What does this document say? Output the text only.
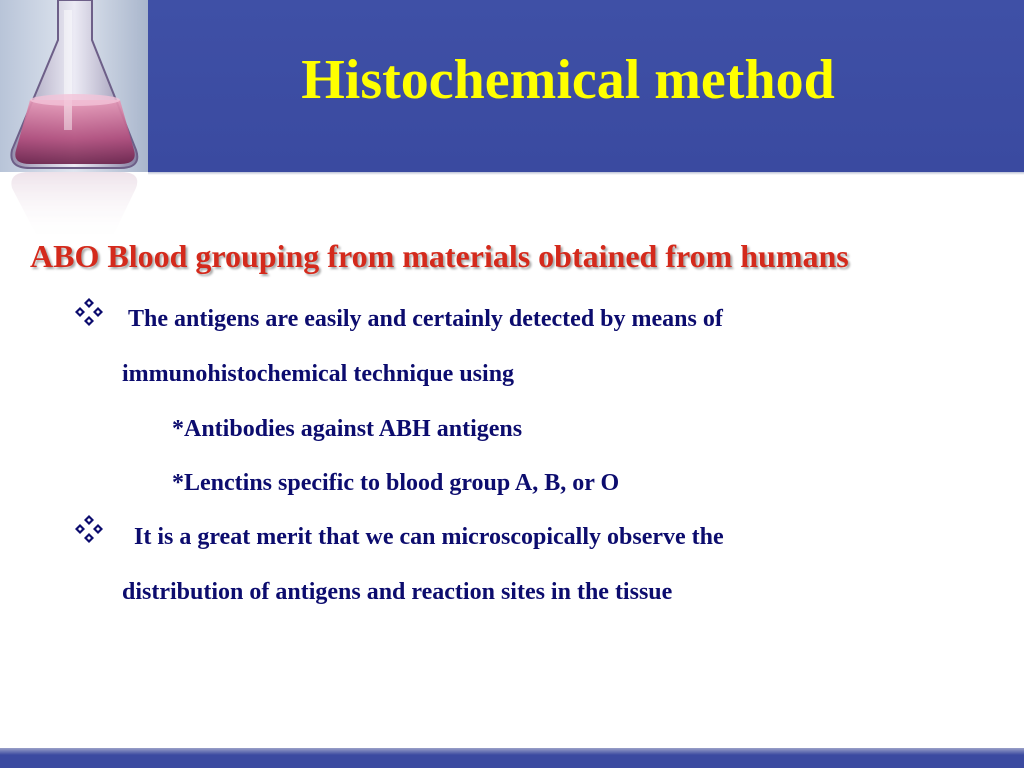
Histochemical method
ABO Blood grouping from materials obtained from humans
The antigens are easily and certainly detected by means of
immunohistochemical technique using
*Antibodies against ABH antigens
*Lenctins specific to blood group A, B, or O
It is a great merit that we can microscopically observe the
distribution of antigens and reaction sites in the tissue
